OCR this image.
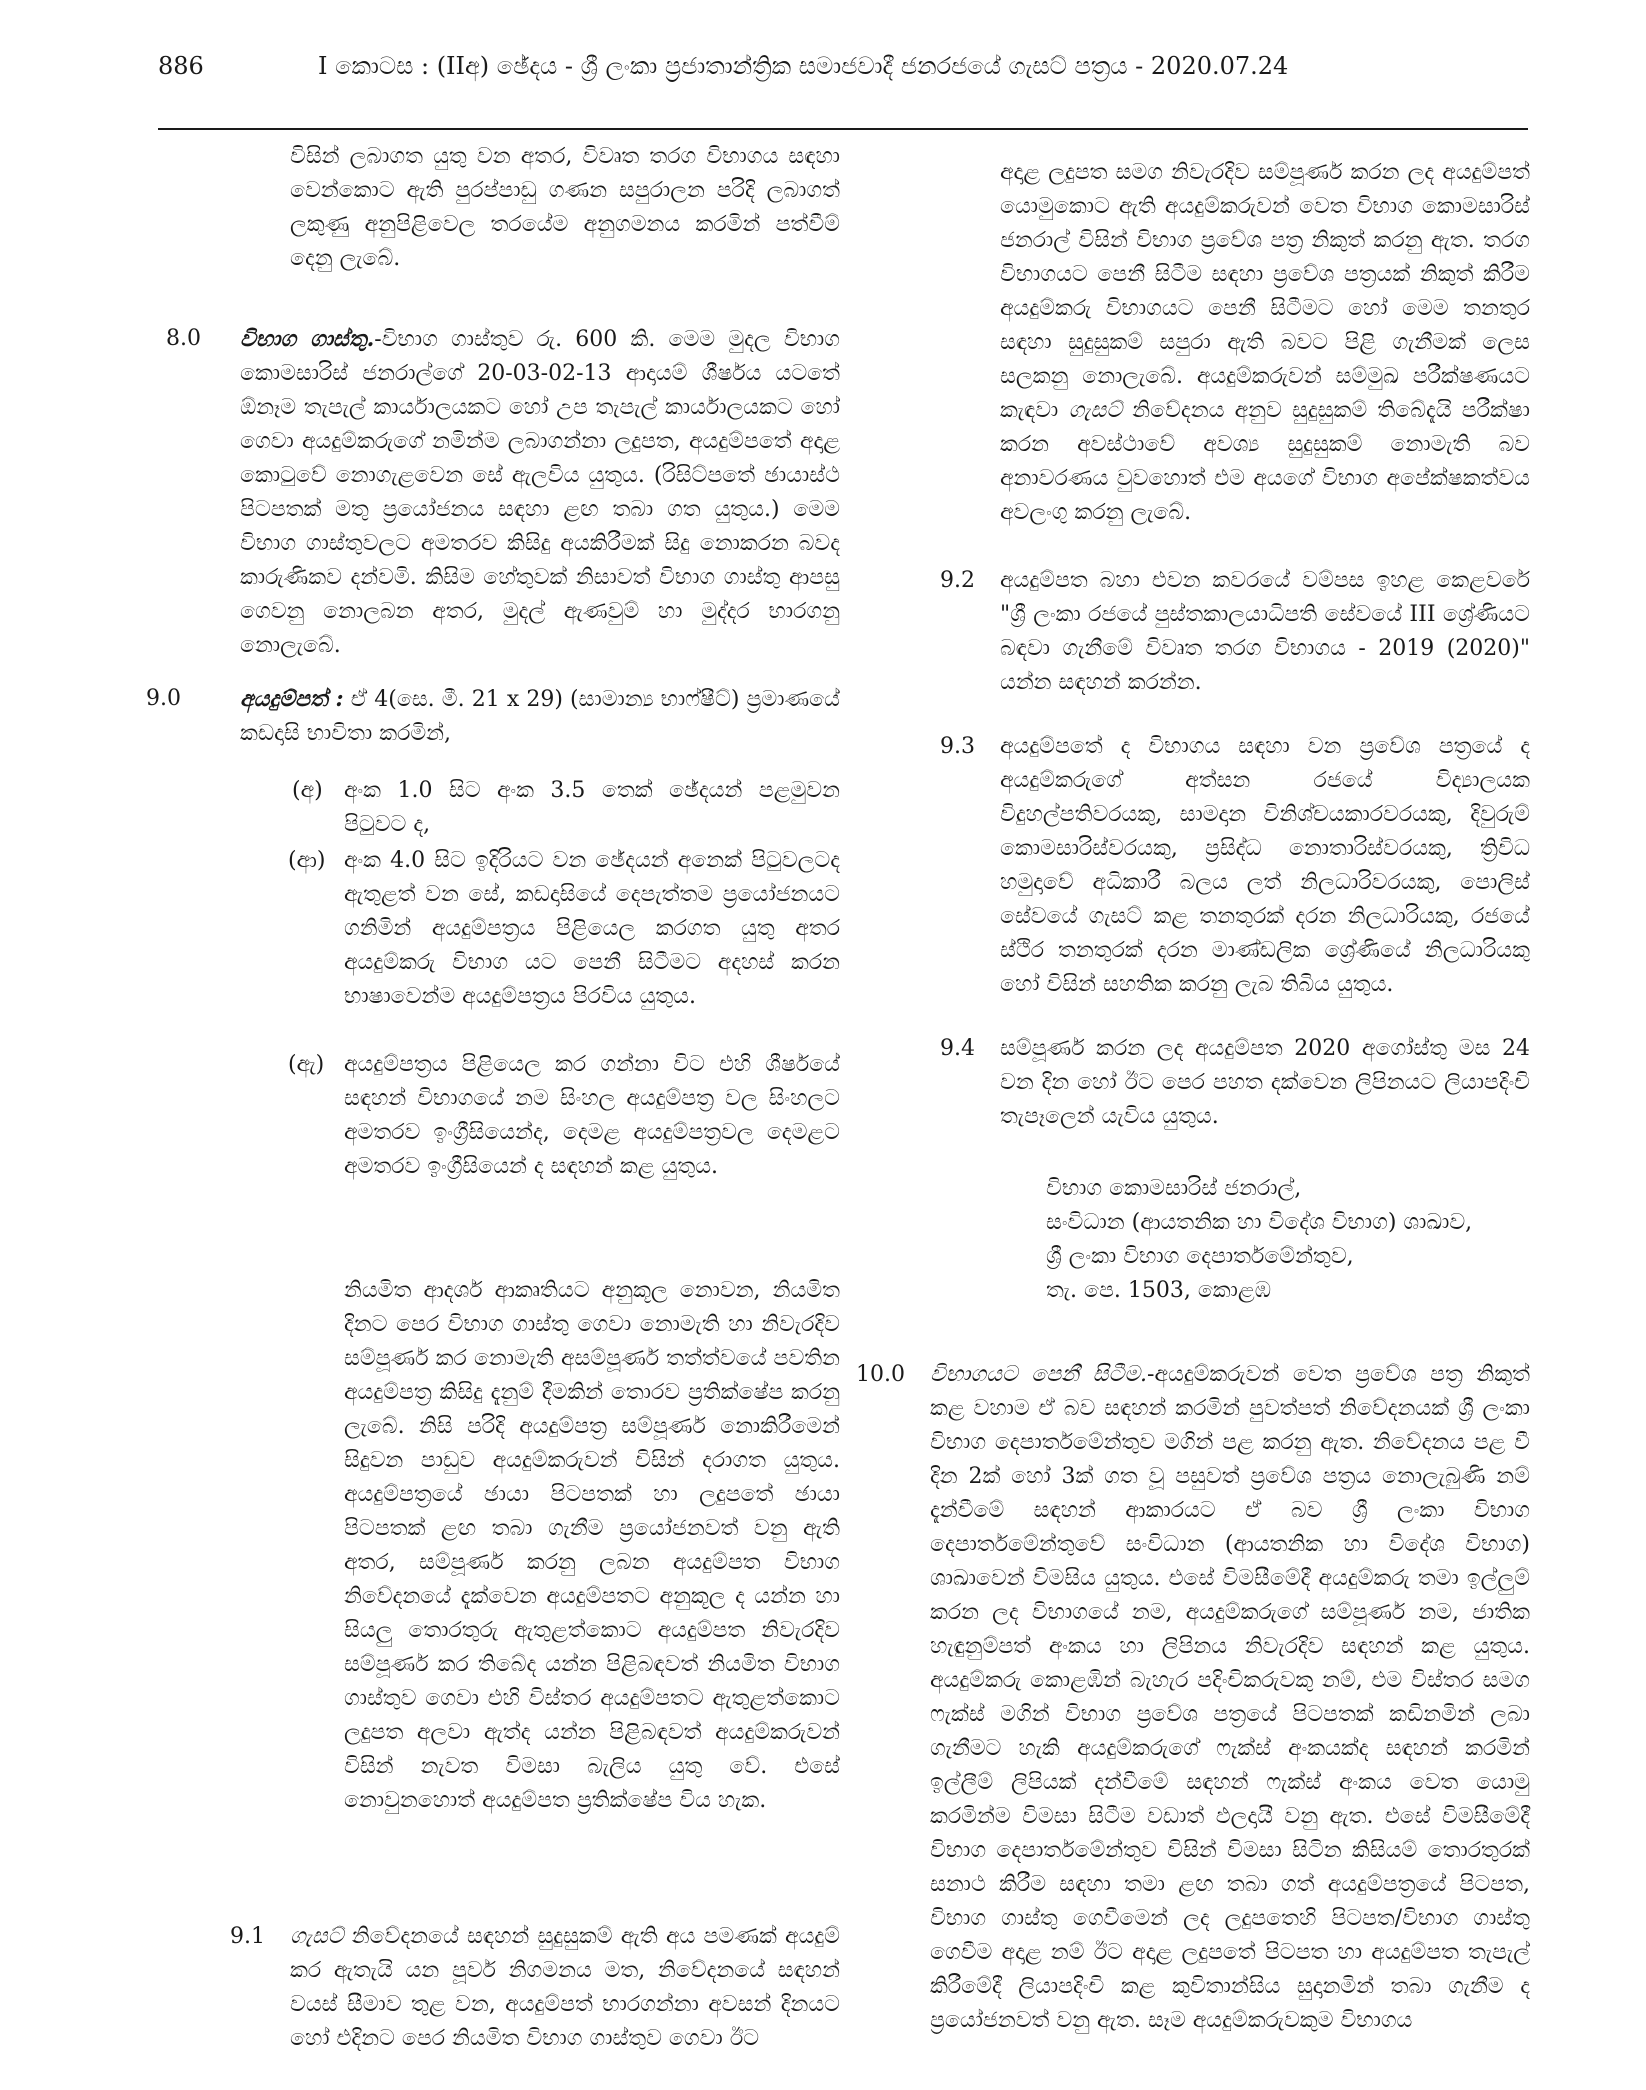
886	I කොටස : (IIඅ) ඡේදය - ශ්‍රී ලංකා ප්‍රජාතාන්ත්‍රික සමාජවාදී ජනරජයේ ගැසට් පත්‍රය - 2020.07.24

විසින් ලබාගත යුතු වන අතර, විවෘත තරග විභාගය සඳහා වෙන්කොට ඇති පුරප්පාඩු ගණන සපුරාලන පරිදි ලබාගත් ලකුණු අනුපිළිවෙල තරයේම අනුගමනය කරමින් පත්වීම් දෙනු ලැබේ.

8.0 විභාග ගාස්තු.-විභාග ගාස්තුව රු. 600 කි. මෙම මුදල විභාග කොමසාරිස් ජනරාල්ගේ 20-03-02-13 ආදායම් ශීර්ෂය යටතේ ඕනෑම තැපැල් කාර්යාලයකට හෝ උප තැපැල් කාර්යාලයකට හෝ ගෙවා අයදුම්කරුගේ නමින්ම ලබාගන්නා ලදුපත, අයදුම්පතේ අදාළ කොටුවේ නොගැළවෙන සේ ඇලවිය යුතුය. (රිසිට්පතේ ඡායාස්ථ පිටපතක් මතු ප්‍රයෝජනය සඳහා ළඟ තබා ගත යුතුය.) මෙම විභාග ගාස්තුවලට අමතරව කිසිදු අයකිරීමක් සිදු නොකරන බවද කාරුණිකව දන්වමි. කිසිම හේතුවක් නිසාවත් විභාග ගාස්තු ආපසු ගෙවනු නොලබන අතර, මුදල් ඇණවුම් හා මුද්දර භාරගනු නොලැබේ.

9.0	අයදුම්පත් : ඒ 4(සෙ. මී. 21 x 29) (සාමාන්‍ය භාෆ්ෂීට්) ප්‍රමාණයේ කඩදාසි භාවිතා කරමින්,

(අ) අංක 1.0 සිට අංක 3.5 තෙක් ඡේදයන් පළමුවන පිටුවට ද,

(ආ) අංක 4.0 සිට ඉදිරියට වන ඡේදයන් අනෙක් පිටුවලටද ඇතුළත් වන සේ, කඩදාසියේ දෙපැත්තම ප්‍රයෝජනයට ගනිමින් අයදුම්පත්‍රය පිළියෙල කරගත යුතු අතර අයදුම්කරු විභාග යට පෙනී සිටීමට අදහස් කරන භාෂාවෙන්ම අයදුම්පත්‍රය පිරවිය යුතුය.

(ඇ) අයදුම්පත්‍රය පිළියෙල කර ගන්නා විට එහි ශීර්ෂයේ සඳහන් විභාගයේ නම සිංහල අයදුම්පත්‍ර වල සිංහලට අමතරව ඉංග්‍රීසියෙන්ද, දෙමළ අයදුම්පත්‍රවල දෙමළට අමතරව ඉංග්‍රීසියෙන් ද සඳහන් කළ යුතුය.

නියමිත ආදර්ශ ආකෘතියට අනුකූල නොවන, නියමිත දිනට පෙර විභාග ගාස්තු ගෙවා නොමැති හා නිවැරදිව සම්පූර්ණ කර නොමැති අසම්පූර්ණ තත්ත්වයේ පවතින අයදුම්පත්‍ර කිසිදු දැනුම් දීමකින් තොරව ප්‍රතික්ෂේප කරනු ලැබේ. නිසි පරිදි අයදුම්පත්‍ර සම්පූර්ණ නොකිරීමෙන් සිදුවන පාඩුව අයදුම්කරුවන් විසින් දරාගත යුතුය. අයදුම්පත්‍රයේ ඡායා පිටපතක් හා ලදුපතේ ඡායා පිටපතක් ළඟ තබා ගැනීම ප්‍රයෝජනවත් වනු ඇති අතර, සම්පූර්ණ කරනු ලබන අයදුම්පත විභාග නිවේදනයේ දැක්වෙන අයදුම්පතට අනුකූල ද යන්න හා සියලු තොරතුරු ඇතුළත්කොට අයදුම්පත නිවැරදිව සම්පූර්ණ කර තිබේද යන්න පිළිබඳවත් නියමිත විභාග ගාස්තුව ගෙවා එහි විස්තර අයදුම්පතට ඇතුළත්කොට ලදුපත අලවා ඇත්ද යන්න පිළිබඳවත් අයදුම්කරුවන් විසින් නැවත විමසා බැලිය යුතු වේ. එසේ නොවුනහොත් අයදුම්පත ප්‍රතික්ෂේප විය හැක.

9.1 ගැසට් නිවේදනයේ සඳහන් සුදුසුකම් ඇති අය පමණක් අයදුම් කර ඇතැයි යන පූර්ව නිගමනය මත, නිවේදනයේ සඳහන් වයස් සීමාව තුළ වන, අයදුම්පත් භාරගන්නා අවසන් දිනයට හෝ එදිනට පෙර නියමිත විභාග ගාස්තුව ගෙවා ඊට

අදාළ ලදුපත සමග නිවැරදිව සම්පූර්ණ කරන ලද අයදුම්පත් යොමුකොට ඇති අයදුම්කරුවන් වෙත විභාග කොමසාරිස් ජනරාල් විසින් විභාග ප්‍රවේශ පත්‍ර නිකුත් කරනු ඇත. තරග විභාගයට පෙනී සිටීම සඳහා ප්‍රවේශ පත්‍රයක් නිකුත් කිරීම අයදුම්කරු විභාගයට පෙනී සිටීමට හෝ මෙම තනතුර සඳහා සුදුසුකම් සපුරා ඇති බවට පිළි ගැනීමක් ලෙස සලකනු නොලැබේ. අයදුම්කරුවන් සම්මුඛ පරීක්ෂණයට කැඳවා ගැසට් නිවේදනය අනුව සුදුසුකම් තිබේදැයි පරීක්ෂා කරන අවස්ථාවේ අවශ්‍ය සුදුසුකම් නොමැති බව අනාවරණය වුවහොත් එම අයගේ විභාග අපේක්ෂකත්වය අවලංගු කරනු ලැබේ.

9.2 අයදුම්පත බහා එවන කවරයේ වම්පස ඉහළ කෙළවරේ "ශ්‍රී ලංකා රජයේ පුස්තකාලයාධිපති සේවයේ III ශ්‍රේණියට බඳවා ගැනීමේ විවෘත තරග විභාගය - 2019 (2020)" යන්න සඳහන් කරන්න.

9.3 අයදුම්පතේ ද විභාගය සඳහා වන ප්‍රවේශ පත්‍රයේ ද අයදුම්කරුගේ අත්සන රජයේ විද්‍යාලයක විදුහල්පතිවරයකු, සාමදාන විනිශ්චයකාරවරයකු, දිවුරුම් කොමසාරිස්වරයකු, ප්‍රසිද්ධ නොතාරිස්වරයකු, ත්‍රිවිධ හමුදාවේ අධිකාරී බලය ලත් නිලධාරිවරයකු, පොලිස් සේවයේ ගැසට් කළ තනතුරක් දරන නිලධාරියකු, රජයේ ස්ථිර තනතුරක් දරන මාණ්ඩලික ශ්‍රේණියේ නිලධාරියකු හෝ විසින් සහතික කරනු ලැබ තිබිය යුතුය.

9.4 සම්පූර්ණ කරන ලද අයදුම්පත 2020 අගෝස්තු මස 24 වන දින හෝ ඊට පෙර පහත දක්වෙන ලිපිනයට ලියාපදිංචි තැපෑලෙන් යැවිය යුතුය.

විභාග කොමසාරිස් ජනරාල්,
සංවිධාන (ආයතනික හා විදේශ විභාග) ශාඛාව,
ශ්‍රී ලංකා විභාග දෙපාර්තමේන්තුව,
තැ. පෙ. 1503, කොළඹ
10.0 විභාගයට පෙනී සිටීම.-අයදුම්කරුවන් වෙත ප්‍රවේශ පත්‍ර නිකුත් කළ වහාම ඒ බව සඳහන් කරමින් පුවත්පත් නිවේදනයක් ශ්‍රී ලංකා විභාග දෙපාර්තමේන්තුව මගින් පළ කරනු ඇත. නිවේදනය පළ වී දින 2ක් හෝ 3ක් ගත වූ පසුවත් ප්‍රවේශ පත්‍රය නොලැබුණි නම් දැන්වීමේ සඳහන් ආකාරයට ඒ බව ශ්‍රී ලංකා විභාග දෙපාර්තමේන්තුවේ සංවිධාන (ආයතනික හා විදේශ විභාග) ශාඛාවෙන් විමසිය යුතුය. එසේ විමසීමේදී අයදුම්කරු තමා ඉල්ලුම් කරන ලද විභාගයේ නම, අයදුම්කරුගේ සම්පූර්ණ නම, ජාතික හැඳුනුම්පත් අංකය හා ලිපිනය නිවැරදිව සඳහන් කළ යුතුය. අයදුම්කරු කොළඹින් බැහැර පදිංචිකරුවකු නම්, එම විස්තර සමග ෆැක්ස් මගින් විභාග ප්‍රවේශ පත්‍රයේ පිටපතක් කඩිනමින් ලබා ගැනීමට හැකි අයදුම්කරුගේ ෆැක්ස් අංකයක්ද සඳහන් කරමින් ඉල්ලීම් ලිපියක් දන්වීමේ සඳහන් ෆැක්ස් අංකය වෙත යොමු කරමින්ම විමසා සිටීම වඩාත් ඵලදායී වනු ඇත. එසේ විමසීමේදී විභාග දෙපාර්තමේන්තුව විසින් විමසා සිටින කිසියම් තොරතුරක් සනාථ කිරීම සඳහා තමා ළඟ තබා ගත් අයදුම්පත්‍රයේ පිටපත, විභාග ගාස්තු ගෙවීමෙන් ලද ලදුපතෙහි පිටපත/විභාග ගාස්තු ගෙවීම අදාළ නම් ඊට අදාළ ලදුපතේ පිටපත හා අයදුම්පත තැපැල් කිරීමේදී ලියාපදිංචි කළ කුවිතාන්සිය සුදානමින් තබා ගැනීම ද ප්‍රයෝජනවත් වනු ඇත. සෑම අයදුම්කරුවකුම විභාගය
